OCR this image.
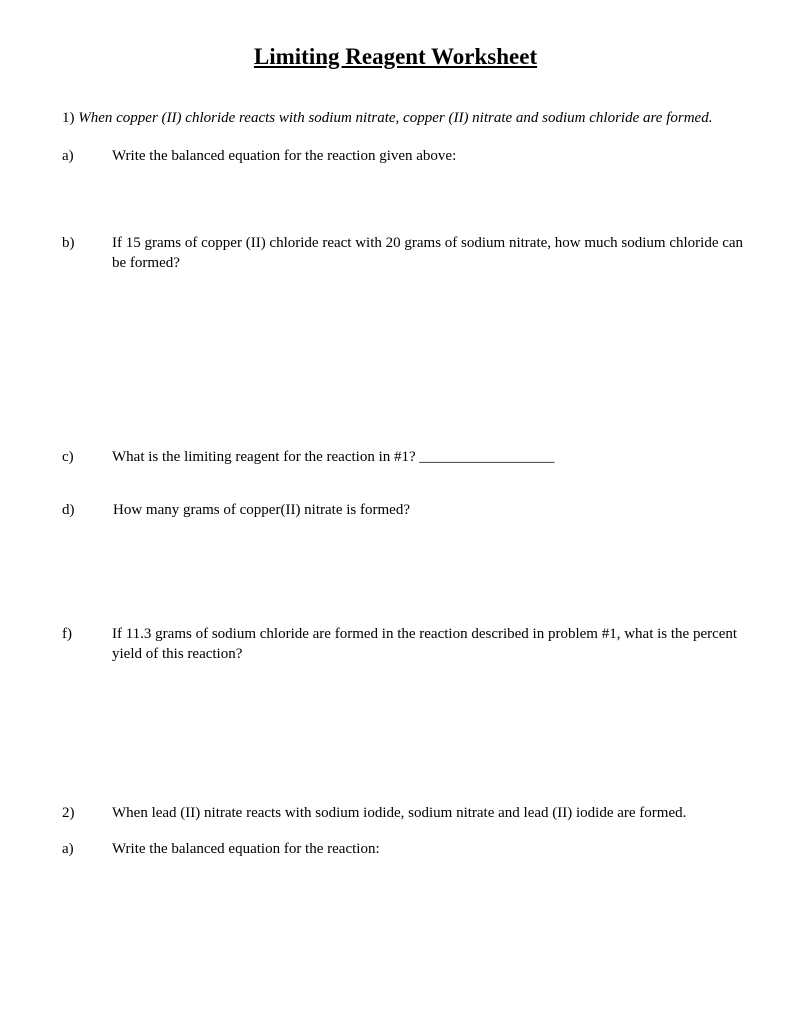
Limiting Reagent Worksheet
1) When copper (II) chloride reacts with sodium nitrate, copper (II) nitrate and sodium chloride are formed.
a)	Write the balanced equation for the reaction given above:
b)	If 15 grams of copper (II) chloride react with 20 grams of sodium nitrate, how much sodium chloride can be formed?
c)	What is the limiting reagent for the reaction in #1? __________________
d)	How many grams of copper(II) nitrate is formed?
f)	If 11.3 grams of sodium chloride are formed in the reaction described in problem #1, what is the percent yield of this reaction?
2)	When lead (II) nitrate reacts with sodium iodide, sodium nitrate and lead (II) iodide are formed.
a)	Write the balanced equation for the reaction:
